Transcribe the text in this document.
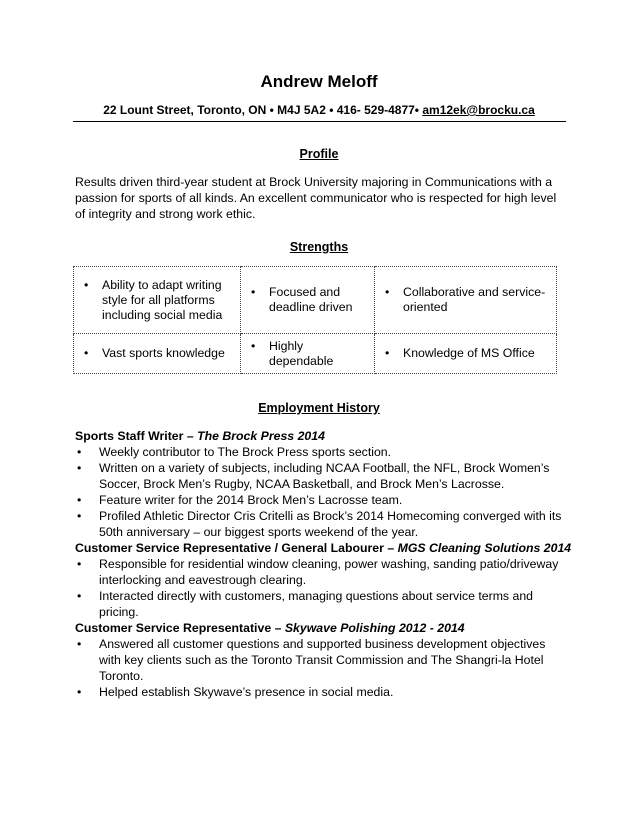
Andrew Meloff
22 Lount Street, Toronto, ON • M4J 5A2 • 416- 529-4877• am12ek@brocku.ca
Profile
Results driven third-year student at Brock University majoring in Communications with a passion for sports of all kinds. An excellent communicator who is respected for high level of integrity and strong work ethic.
Strengths
• Ability to adapt writing style for all platforms including social media	• Focused and deadline driven	• Collaborative and service-oriented

• Vast sports knowledge	• Highly dependable	• Knowledge of MS Office
Employment History
Sports Staff Writer – The Brock Press 2014
•	Weekly contributor to The Brock Press sports section.
•	Written on a variety of subjects, including NCAA Football, the NFL, Brock Women’s Soccer, Brock Men’s Rugby, NCAA Basketball, and Brock Men’s Lacrosse.
•	Feature writer for the 2014 Brock Men’s Lacrosse team.
•	Profiled Athletic Director Cris Critelli as Brock’s 2014 Homecoming converged with its 50th anniversary – our biggest sports weekend of the year.
Customer Service Representative / General Labourer – MGS Cleaning Solutions 2014
•	Responsible for residential window cleaning, power washing, sanding patio/driveway interlocking and eavestrough clearing.
•	Interacted directly with customers, managing questions about service terms and pricing.
Customer Service Representative – Skywave Polishing 2012 - 2014
•	Answered all customer questions and supported business development objectives with key clients such as the Toronto Transit Commission and The Shangri-la Hotel Toronto.
•	Helped establish Skywave’s presence in social media.
